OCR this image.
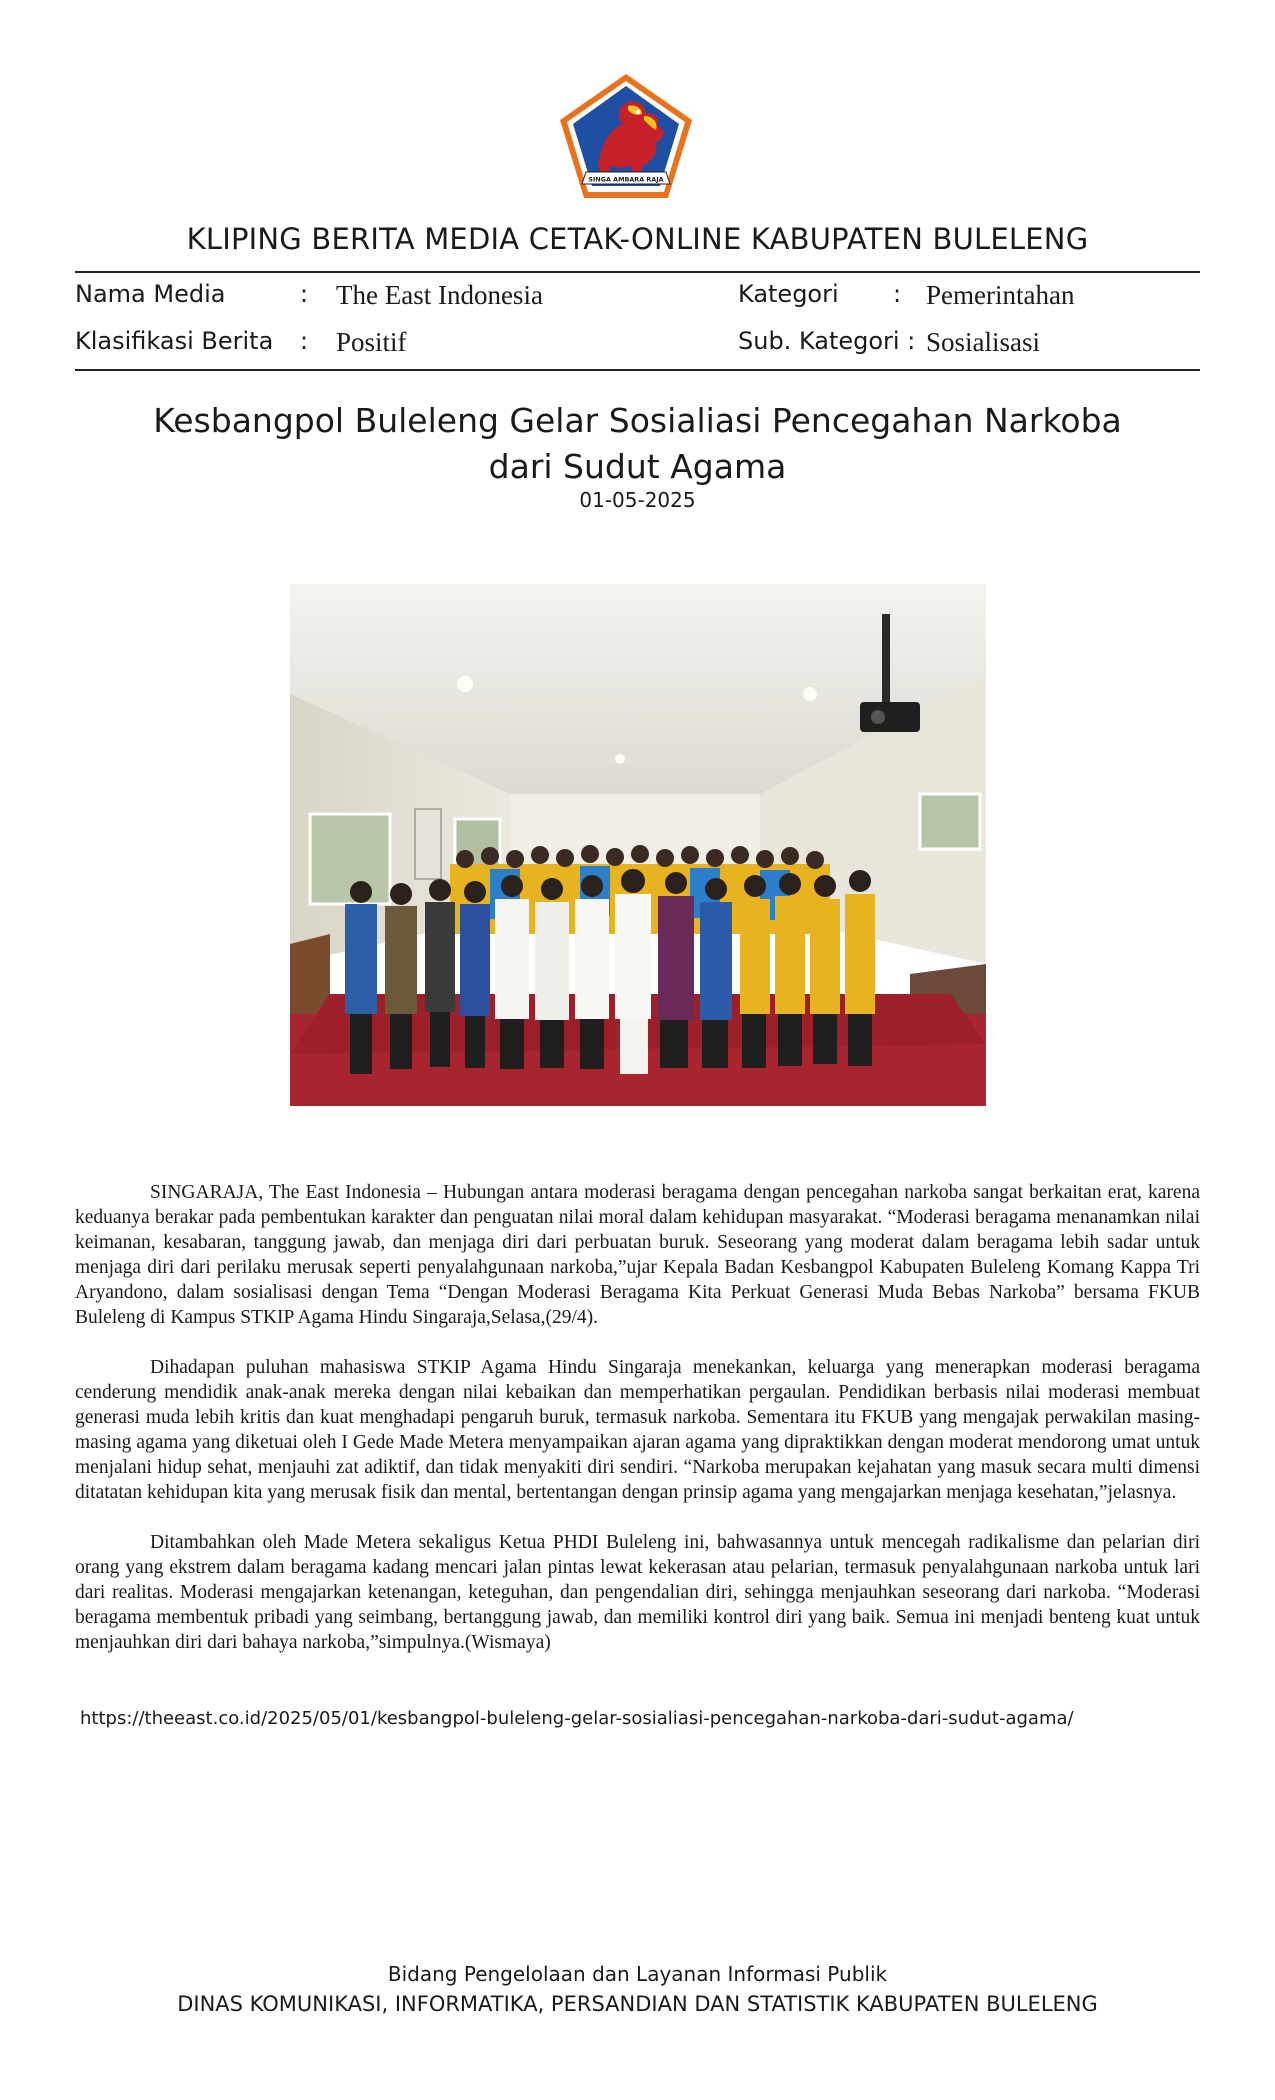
SINGA AMBARA RAJA
KLIPING BERITA MEDIA CETAK-ONLINE KABUPATEN BULELENG
Nama Media	: The East Indonesia	Kategori : Pemerintahan
Klasifikasi Berita : Positif	Sub. Kategori : Sosialisasi
Kesbangpol Buleleng Gelar Sosialiasi Pencegahan Narkoba
dari Sudut Agama
01-05-2025

SINGARAJA, The East Indonesia – Hubungan antara moderasi beragama dengan pencegahan narkoba sangat berkaitan erat, karena keduanya berakar pada pembentukan karakter dan penguatan nilai moral dalam kehidupan masyarakat. “Moderasi beragama menanamkan nilai keimanan, kesabaran, tanggung jawab, dan menjaga diri dari perbuatan buruk. Seseorang yang moderat dalam beragama lebih sadar untuk menjaga diri dari perilaku merusak seperti penyalahgunaan narkoba,”ujar Kepala Badan Kesbangpol Kabupaten Buleleng Komang Kappa Tri Aryandono, dalam sosialisasi dengan Tema “Dengan Moderasi Beragama Kita Perkuat Generasi Muda Bebas Narkoba” bersama FKUB Buleleng di Kampus STKIP Agama Hindu Singaraja,Selasa,(29/4).

Dihadapan puluhan mahasiswa STKIP Agama Hindu Singaraja menekankan, keluarga yang menerapkan moderasi beragama cenderung mendidik anak-anak mereka dengan nilai kebaikan dan memperhatikan pergaulan. Pendidikan berbasis nilai moderasi membuat generasi muda lebih kritis dan kuat menghadapi pengaruh buruk, termasuk narkoba. Sementara itu FKUB yang mengajak perwakilan masing-masing agama yang diketuai oleh I Gede Made Metera menyampaikan ajaran agama yang dipraktikkan dengan moderat mendorong umat untuk menjalani hidup sehat, menjauhi zat adiktif, dan tidak menyakiti diri sendiri. “Narkoba merupakan kejahatan yang masuk secara multi dimensi ditatatan kehidupan kita yang merusak fisik dan mental, bertentangan dengan prinsip agama yang mengajarkan menjaga kesehatan,”jelasnya.

Ditambahkan oleh Made Metera sekaligus Ketua PHDI Buleleng ini, bahwasannya untuk mencegah radikalisme dan pelarian diri orang yang ekstrem dalam beragama kadang mencari jalan pintas lewat kekerasan atau pelarian, termasuk penyalahgunaan narkoba untuk lari dari realitas. Moderasi mengajarkan ketenangan, keteguhan, dan pengendalian diri, sehingga menjauhkan seseorang dari narkoba. “Moderasi beragama membentuk pribadi yang seimbang, bertanggung jawab, dan memiliki kontrol diri yang baik. Semua ini menjadi benteng kuat untuk menjauhkan diri dari bahaya narkoba,”simpulnya.(Wismaya)

https://theeast.co.id/2025/05/01/kesbangpol-buleleng-gelar-sosialiasi-pencegahan-narkoba-dari-sudut-agama/
Bidang Pengelolaan dan Layanan Informasi Publik
DINAS KOMUNIKASI, INFORMATIKA, PERSANDIAN DAN STATISTIK KABUPATEN BULELENG
